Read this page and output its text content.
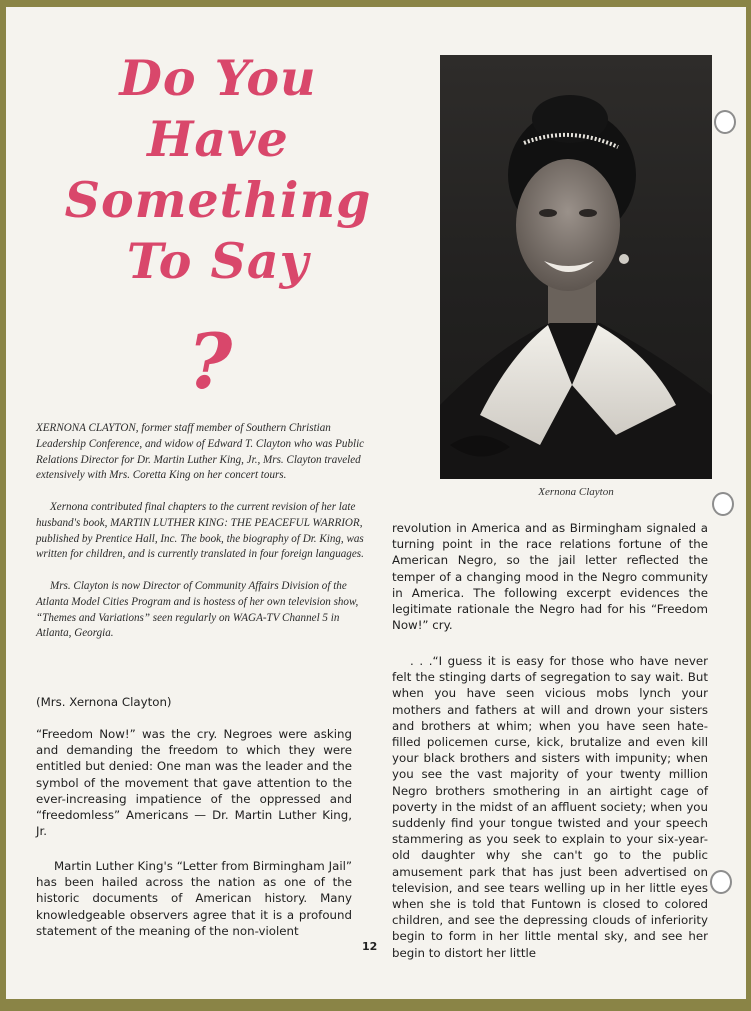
Do You
Have
Something
To Say
?
XERNONA CLAYTON, former staff member of Southern Christian Leadership Conference, and widow of Edward T. Clayton who was Public Relations Director for Dr. Martin Luther King, Jr., Mrs. Clayton traveled extensively with Mrs. Coretta King on her concert tours.
Xernona contributed final chapters to the current revision of her late husband's book, MARTIN LUTHER KING: THE PEACEFUL WARRIOR, published by Prentice Hall, Inc. The book, the biography of Dr. King, was written for children, and is currently translated in four foreign languages.
Mrs. Clayton is now Director of Community Affairs Division of the Atlanta Model Cities Program and is hostess of her own television show, “Themes and Variations” seen regularly on WAGA-TV Channel 5 in Atlanta, Georgia.
Xernona Clayton
(Mrs. Xernona Clayton)
“Freedom Now!” was the cry. Negroes were asking and demanding the freedom to which they were entitled but denied: One man was the leader and the symbol of the movement that gave attention to the ever-increasing impatience of the oppressed and “freedomless” Americans — Dr. Martin Luther King, Jr.
Martin Luther King's “Letter from Birmingham Jail” has been hailed across the nation as one of the historic documents of American history. Many knowledgeable observers agree that it is a profound statement of the meaning of the non-violent
revolution in America and as Birmingham signaled a turning point in the race relations fortune of the American Negro, so the jail letter reflected the temper of a changing mood in the Negro community in America. The following excerpt evidences the legitimate rationale the Negro had for his “Freedom Now!” cry.
. . .“I guess it is easy for those who have never felt the stinging darts of segregation to say wait. But when you have seen vicious mobs lynch your mothers and fathers at will and drown your sisters and brothers at whim; when you have seen hate-filled policemen curse, kick, brutalize and even kill your black brothers and sisters with impunity; when you see the vast majority of your twenty million Negro brothers smothering in an airtight cage of poverty in the midst of an affluent society; when you suddenly find your tongue twisted and your speech stammering as you seek to explain to your six-year-old daughter why she can't go to the public amusement park that has just been advertised on television, and see tears welling up in her little eyes when she is told that Funtown is closed to colored children, and see the depressing clouds of inferiority begin to form in her little mental sky, and see her begin to distort her little
12
